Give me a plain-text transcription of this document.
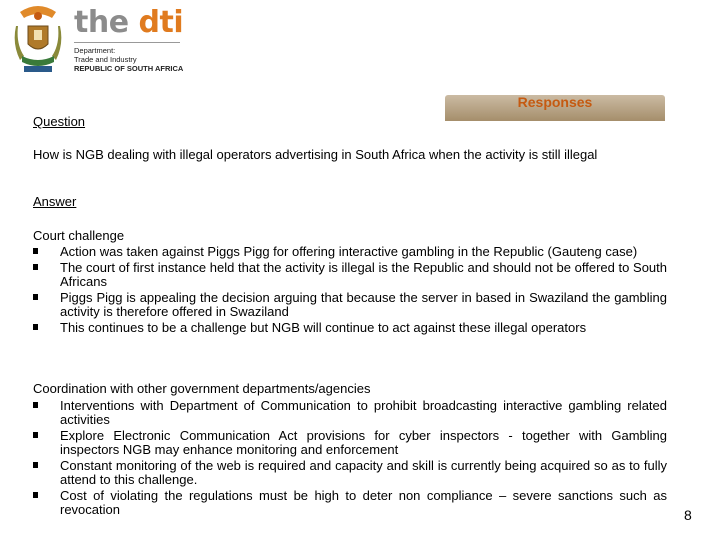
the dti
Department:
Trade and Industry
REPUBLIC OF SOUTH AFRICA
Responses
Question
How is NGB dealing with illegal operators advertising in South Africa when the activity is still illegal
Answer
Court challenge
Action was taken against Piggs Pigg for offering interactive gambling in the Republic (Gauteng case)
The court of first instance held that the activity is illegal is the Republic and should not be offered to South Africans
Piggs Pigg is appealing the decision arguing that because the server in based in Swaziland the gambling activity is therefore offered in Swaziland
This continues to be a challenge but NGB will continue to act against these illegal operators
Coordination with other government departments/agencies
Interventions with Department of Communication to prohibit broadcasting interactive gambling related activities
Explore Electronic Communication Act provisions for cyber inspectors - together with Gambling inspectors NGB may enhance monitoring and enforcement
Constant monitoring of the web is required and capacity and skill is currently being acquired so as to fully attend to this challenge.
Cost of violating the regulations must be high to deter non compliance – severe sanctions such as revocation	8
